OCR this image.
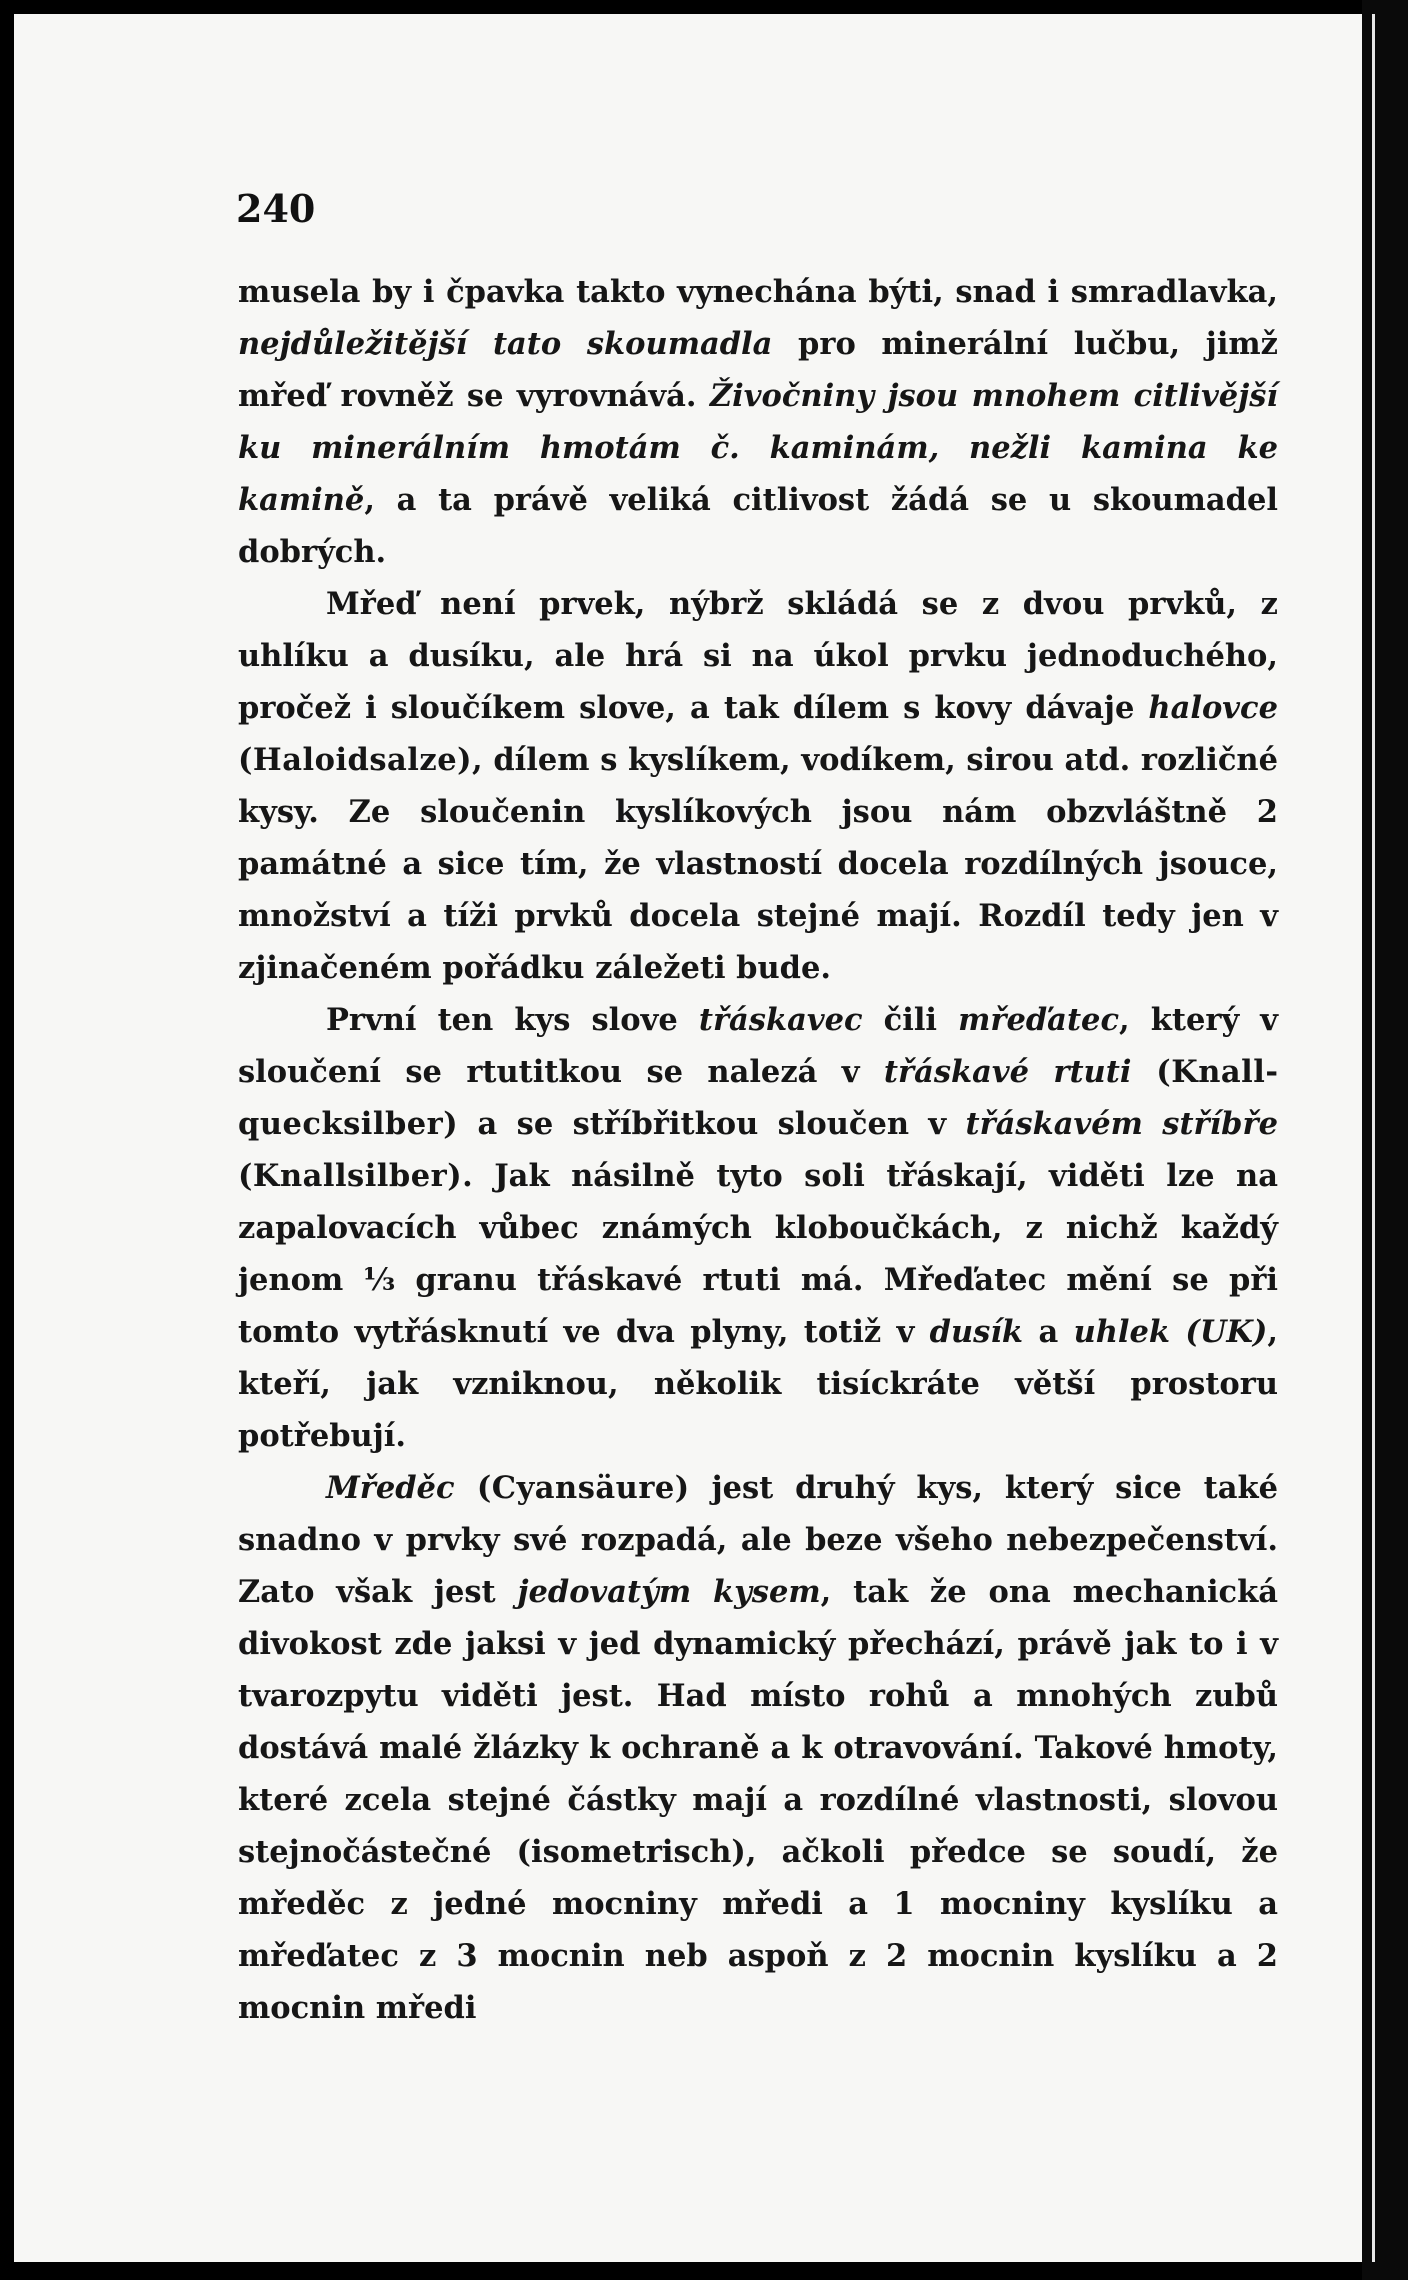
240

musela by i čpavka takto vynechána býti, snad i smradlavka, nejdůležitější tato skoumadla pro minerální lučbu, jimž mřeď rovněž se vyrovnává. Živočniny jsou mnohem citlivější ku minerálním hmotám č. kaminám, nežli kamina ke kamině, a ta právě veliká citlivost žádá se u skoumadel dobrých.

Mřeď není prvek, nýbrž skládá se z dvou prvků, z uhlíku a dusíku, ale hrá si na úkol prvku jednoduchého, pročež i sloučíkem slove, a tak dílem s kovy dávaje halovce (Haloidsalze), dílem s kyslíkem, vodíkem, sirou atd. rozličné kysy. Ze sloučenin kyslíkových jsou nám obzvláštně 2 památné a sice tím, že vlastností docela rozdílných jsouce, množství a tíži prvků docela stejné mají. Rozdíl tedy jen v zjinačeném pořádku záležeti bude.

První ten kys slove třáskavec čili mřeďatec, který v sloučení se rtutitkou se nalezá v třáskavé rtuti (Knallquecksilber) a se stříbřitkou sloučen v třáskavém stříbře (Knallsilber). Jak násilně tyto soli třáskají, viděti lze na zapalovacích vůbec známých kloboučkách, z nichž každý jenom ⅓ granu třáskavé rtuti má. Mřeďatec mění se při tomto vytřásknutí ve dva plyny, totiž v dusík a uhlek (UK), kteří, jak vzniknou, několik tisíckráte větší prostoru potřebují.

Mředěc (Cyansäure) jest druhý kys, který sice také snadno v prvky své rozpadá, ale beze všeho nebezpečenství. Zato však jest jedovatým kysem, tak že ona mechanická divokost zde jaksi v jed dynamický přechází, právě jak to i v tvarozpytu viděti jest. Had místo rohů a mnohých zubů dostává malé žlázky k ochraně a k otravování. Takové hmoty, které zcela stejné částky mají a rozdílné vlastnosti, slovou stejnočástečné (isometrisch), ačkoli předce se soudí, že mředěc z jedné mocniny mředi a 1 mocniny kyslíku a mřeďatec z 3 mocnin neb aspoň z 2 mocnin kyslíku a 2 mocnin mředi
